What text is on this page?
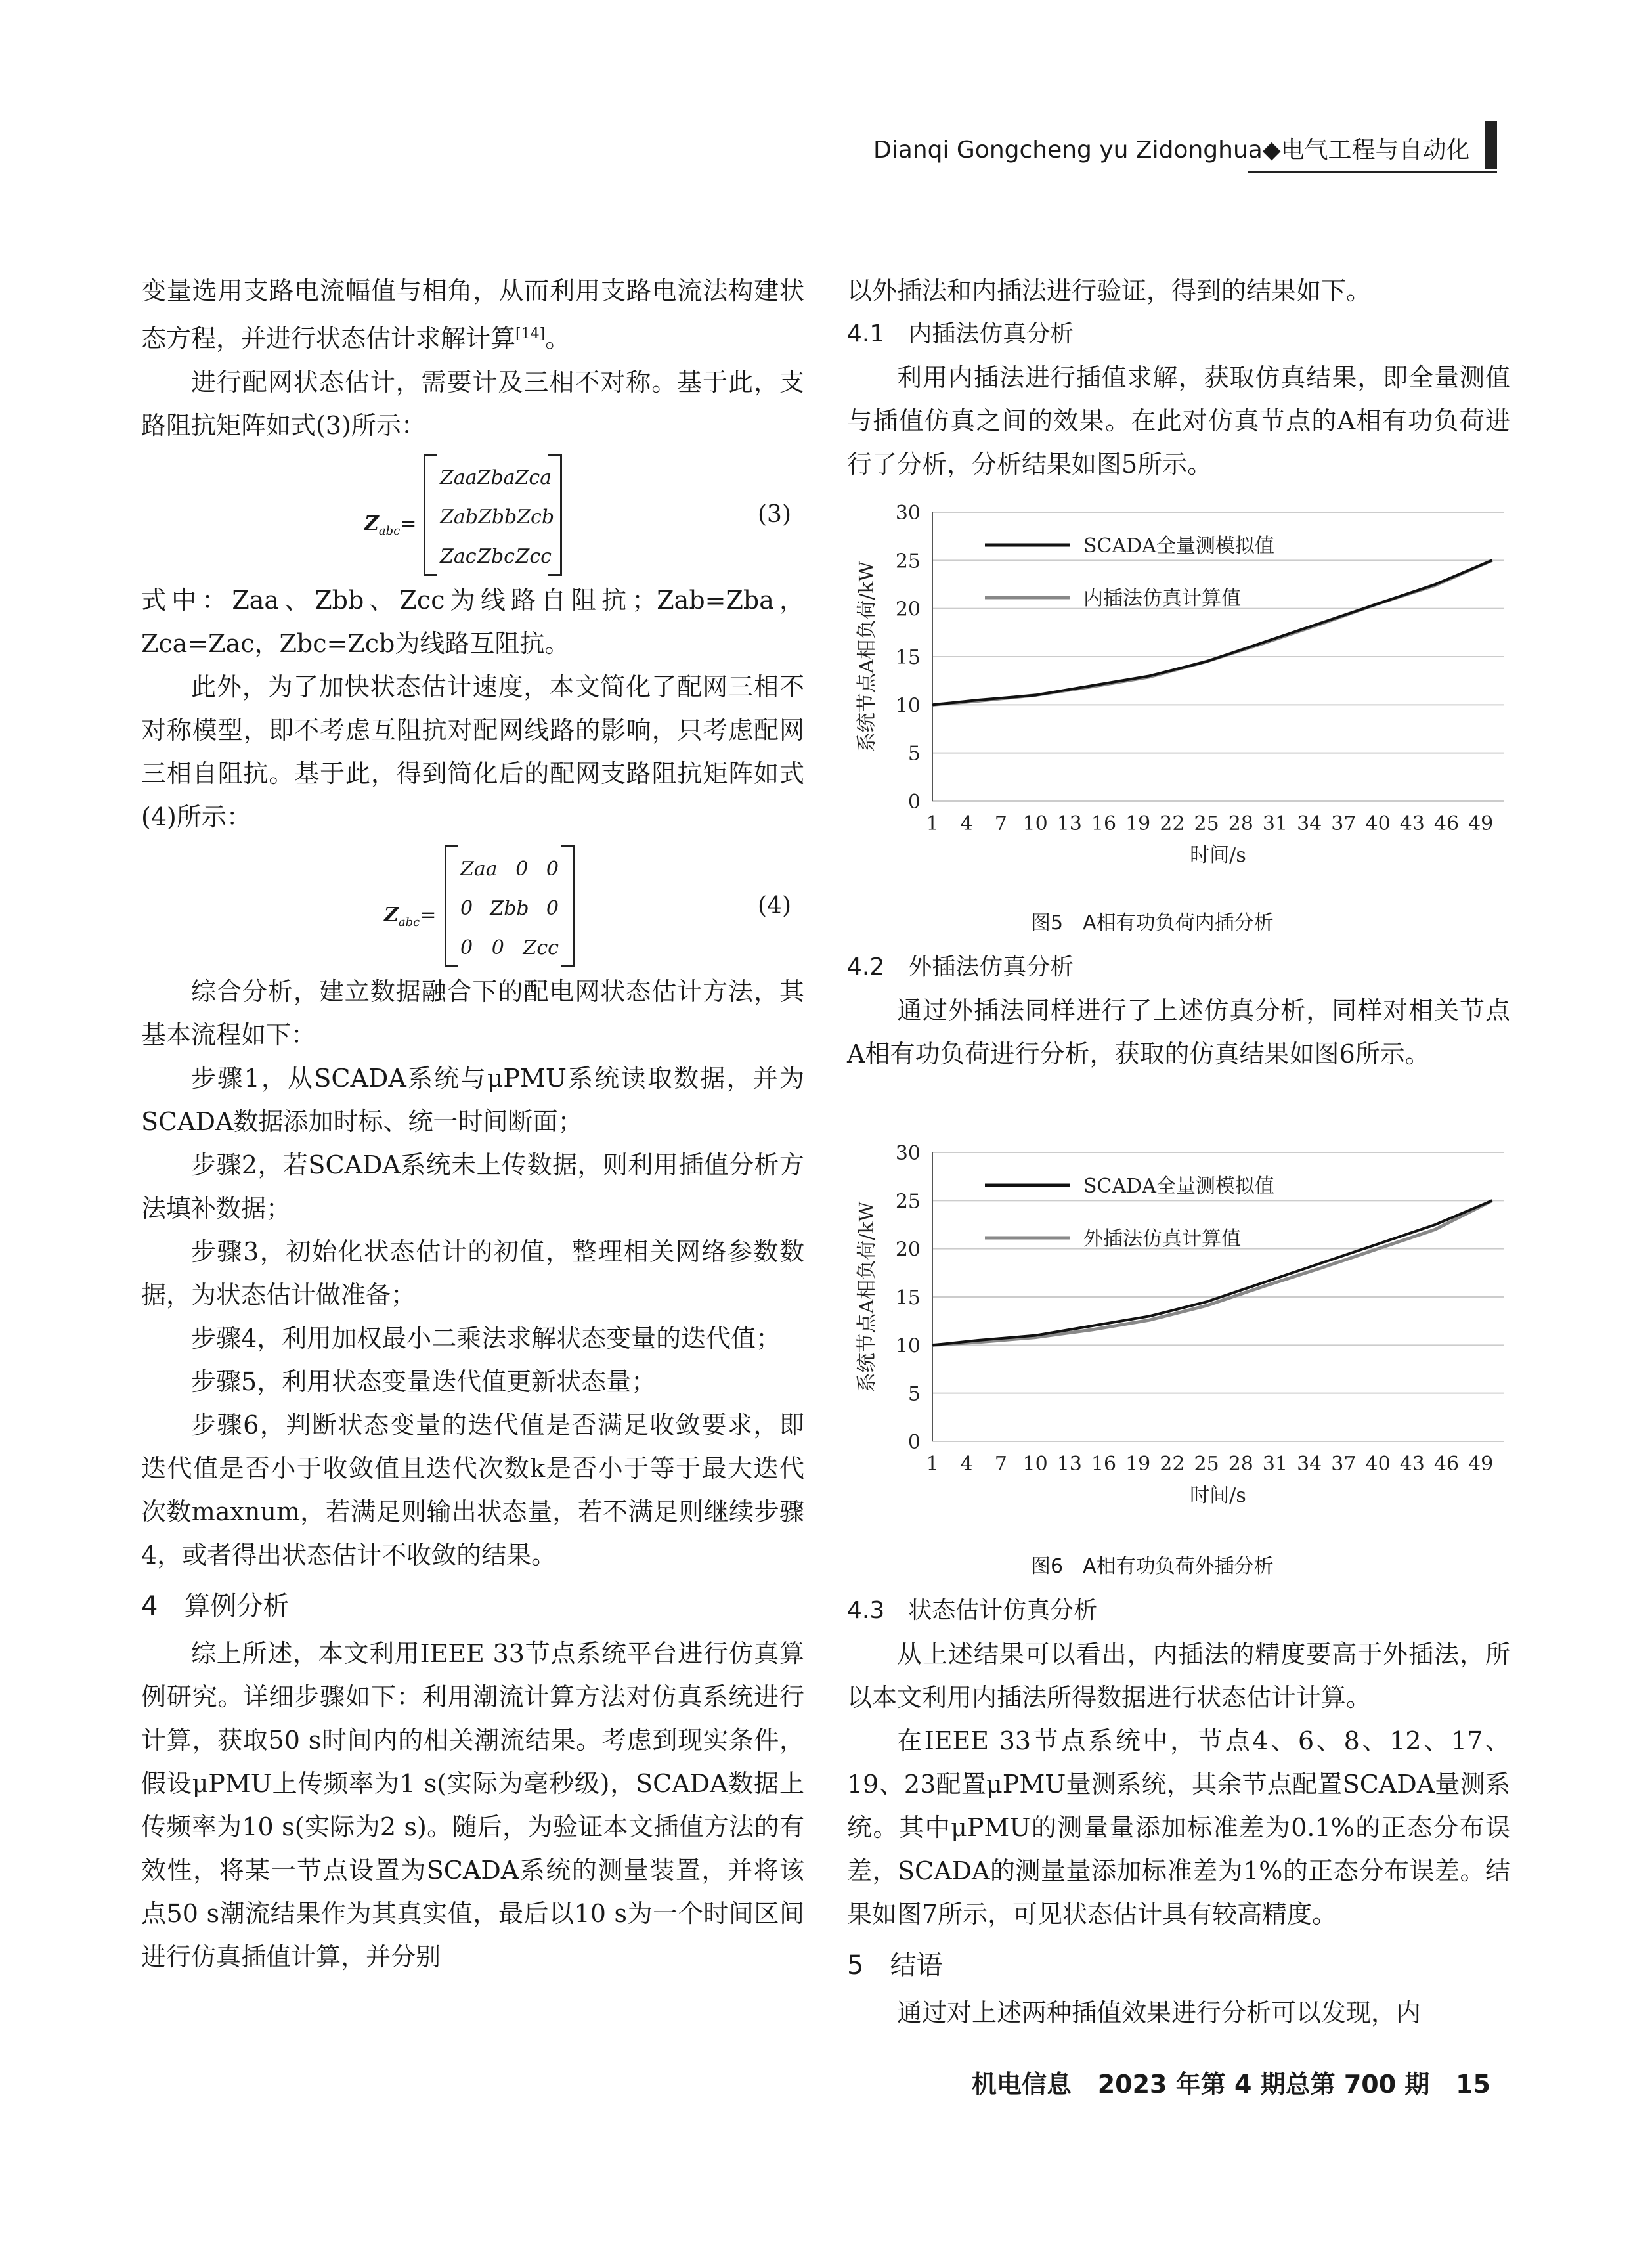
Dianqi Gongcheng yu Zidonghua◆电气工程与自动化

变量选用支路电流幅值与相角，从而利用支路电流法构建状态方程，并进行状态估计求解计算[14]。

进行配网状态估计，需要计及三相不对称。基于此，支路阻抗矩阵如式(3)所示：

$Z_{abc}=$
Zaa Zba Zca
Zab Zbb Zcb
Zac Zbc Zcc
(3)

式中：Zaa、Zbb、Zcc为线路自阻抗；Zab=Zba，Zca=Zac，Zbc=Zcb为线路互阻抗。

此外，为了加快状态估计速度，本文简化了配网三相不对称模型，即不考虑互阻抗对配网线路的影响，只考虑配网三相自阻抗。基于此，得到简化后的配网支路阻抗矩阵如式(4)所示：

$Z_{abc}=$
Zaa 0 0
0 Zbb 0
0 0 Zcc
(4)

综合分析，建立数据融合下的配电网状态估计方法，其基本流程如下：

步骤1，从SCADA系统与μPMU系统读取数据，并为SCADA数据添加时标、统一时间断面；

步骤2，若SCADA系统未上传数据，则利用插值分析方法填补数据；

步骤3，初始化状态估计的初值，整理相关网络参数数据，为状态估计做准备；

步骤4，利用加权最小二乘法求解状态变量的迭代值；

步骤5，利用状态变量迭代值更新状态量；

步骤6，判断状态变量的迭代值是否满足收敛要求，即迭代值是否小于收敛值且迭代次数k是否小于等于最大迭代次数maxnum，若满足则输出状态量，若不满足则继续步骤4，或者得出状态估计不收敛的结果。

4　算例分析

综上所述，本文利用IEEE 33节点系统平台进行仿真算例研究。详细步骤如下：利用潮流计算方法对仿真系统进行计算，获取50 s时间内的相关潮流结果。考虑到现实条件，假设μPMU上传频率为1 s(实际为毫秒级)，SCADA数据上传频率为10 s(实际为2 s)。随后，为验证本文插值方法的有效性，将某一节点设置为SCADA系统的测量装置，并将该点50 s潮流结果作为其真实值，最后以10 s为一个时间区间进行仿真插值计算，并分别

以外插法和内插法进行验证，得到的结果如下。

4.1　内插法仿真分析

利用内插法进行插值求解，获取仿真结果，即全量测值与插值仿真之间的效果。在此对仿真节点的A相有功负荷进行了分析，分析结果如图5所示。

0
5
10
15
20
25
30
1 4 7 10 13 16 19 22 25 28 31 34 37 40 43 46 49
时间/s
系统节点A相负荷/kW
SCADA全量测模拟值
内插法仿真计算值
图5　A相有功负荷内插分析

4.2　外插法仿真分析

通过外插法同样进行了上述仿真分析，同样对相关节点A相有功负荷进行分析，获取的仿真结果如图6所示。

0
5
10
15
20
25
30
1 4 7 10 13 16 19 22 25 28 31 34 37 40 43 46 49
时间/s
系统节点A相负荷/kW
SCADA全量测模拟值
外插法仿真计算值
图6　A相有功负荷外插分析

4.3　状态估计仿真分析

从上述结果可以看出，内插法的精度要高于外插法，所以本文利用内插法所得数据进行状态估计计算。

在IEEE 33节点系统中，节点4、6、8、12、17、19、23配置μPMU量测系统，其余节点配置SCADA量测系统。其中μPMU的测量量添加标准差为0.1%的正态分布误差，SCADA的测量量添加标准差为1%的正态分布误差。结果如图7所示，可见状态估计具有较高精度。

5　结语

通过对上述两种插值效果进行分析可以发现，内

机电信息 2023 年第 4 期总第 700 期 15
